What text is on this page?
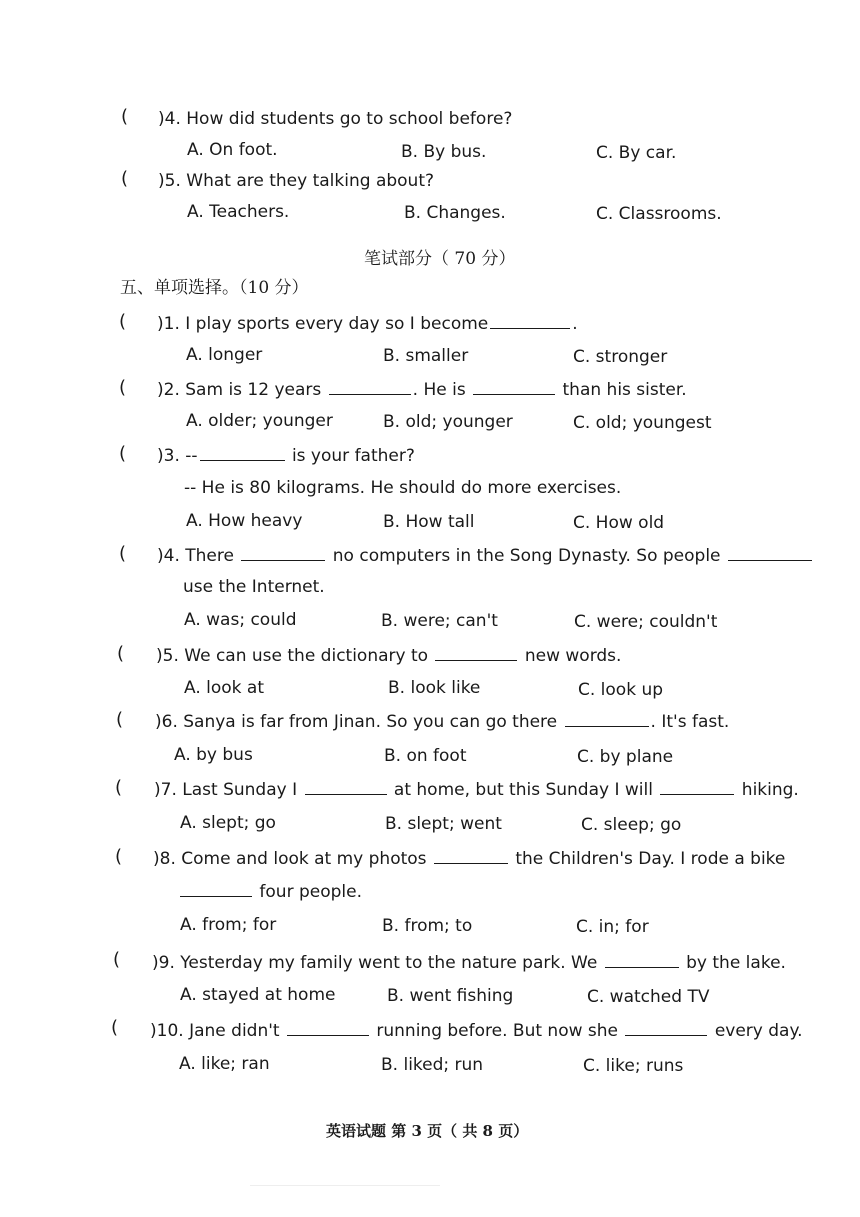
( )4. How did students go to school before?
A. On foot.	B. By bus.	C. By car.
( )5. What are they talking about?
A. Teachers.	B. Changes.	C. Classrooms.
笔试部分（ 70 分）
五、单项选择。（10 分）
( )1. I play sports every day so I become	.
A. longer	B. smaller	C. stronger
( )2. Sam is 12 years	. He is	than his sister.
A. older; younger	B. old; younger	C. old; youngest
( )3. --	is your father?
-- He is 80 kilograms. He should do more exercises.
A. How heavy	B. How tall	C. How old
( )4. There	no computers in the Song Dynasty. So people
use the Internet.
A. was; could	B. were; can't	C. were; couldn't
( )5. We can use the dictionary to	new words.
A. look at	B. look like	C. look up
( )6. Sanya is far from Jinan. So you can go there	. It's fast.
A. by bus	B. on foot	C. by plane
( )7. Last Sunday I	at home, but this Sunday I will	hiking.
A. slept; go	B. slept; went	C. sleep; go
( )8. Come and look at my photos	the Children's Day. I rode a bike
four people.
A. from; for	B. from; to	C. in; for
( )9. Yesterday my family went to the nature park. We	by the lake.
A. stayed at home	B. went fishing	C. watched TV
( )10. Jane didn't	running before. But now she	every day.
A. like; ran	B. liked; run	C. like; runs
英语试题 第 3 页（ 共 8 页）
